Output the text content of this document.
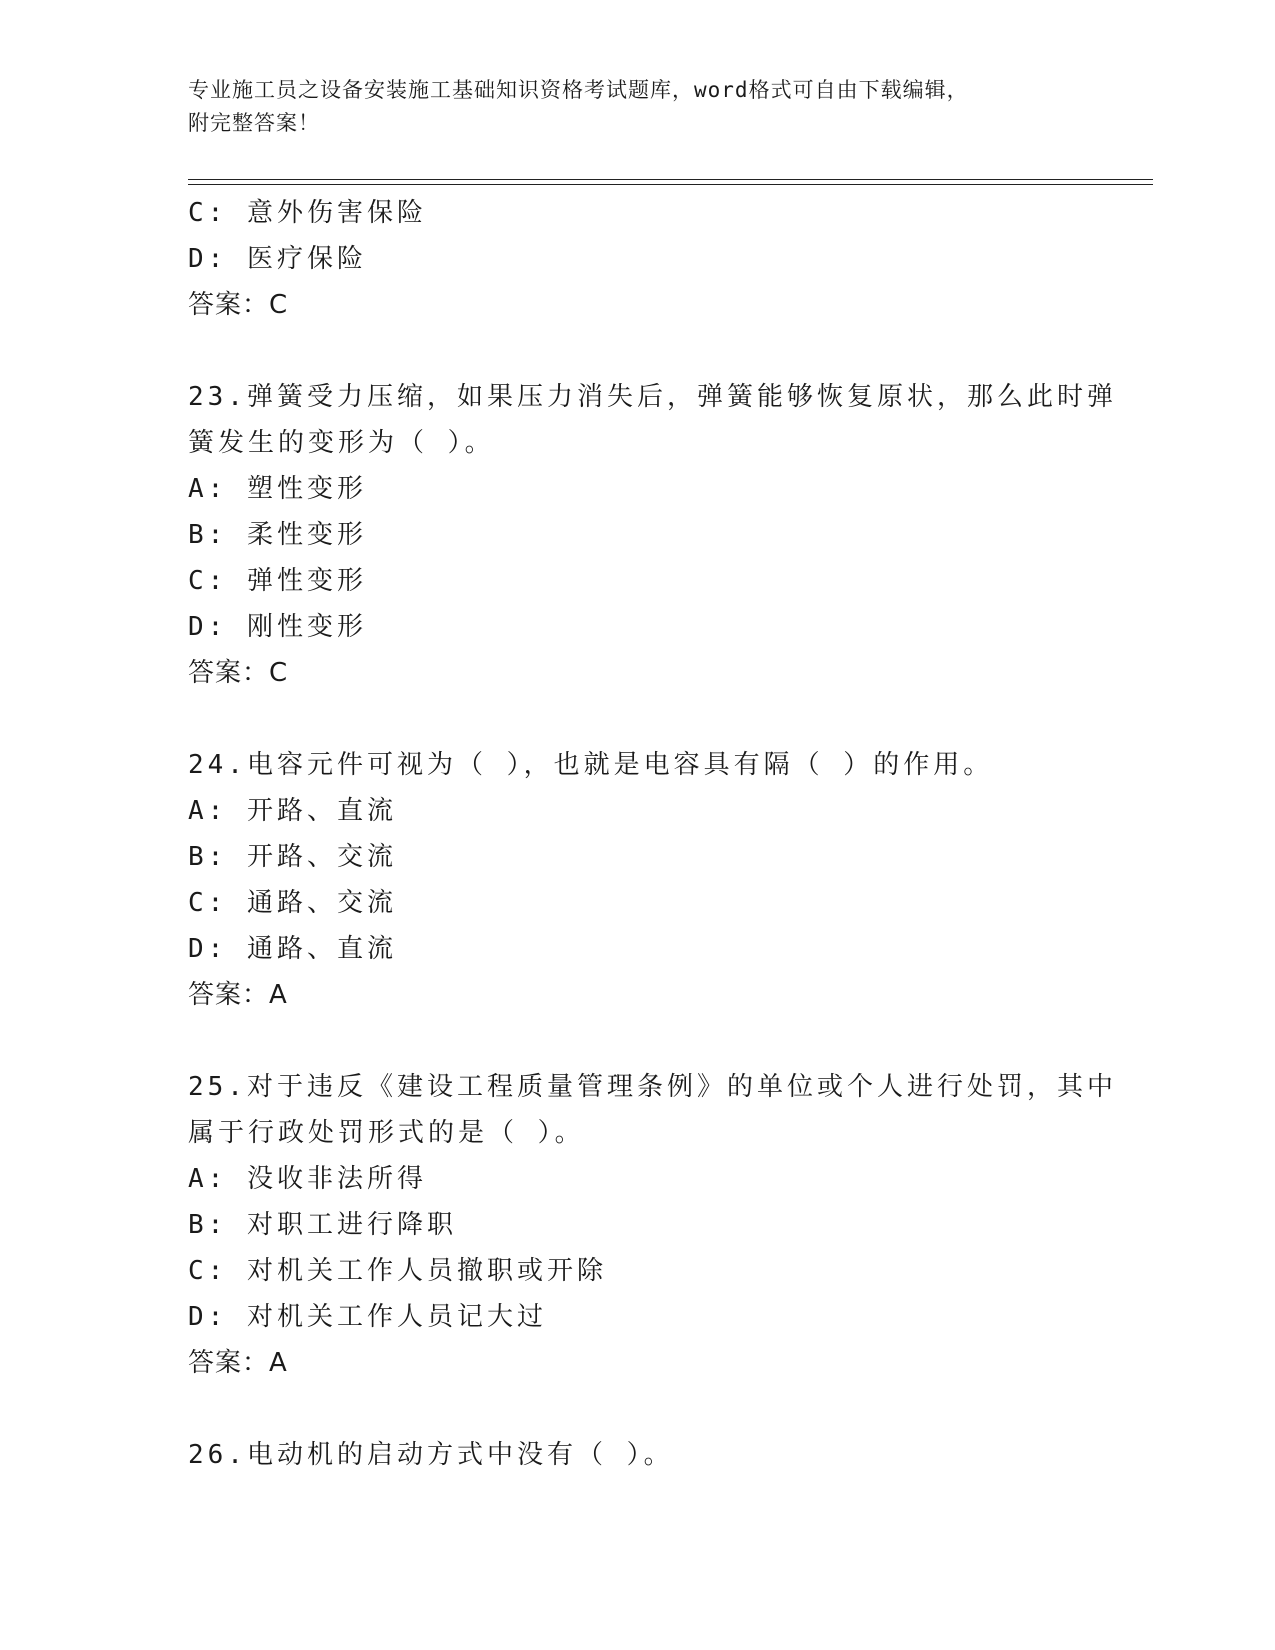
专业施工员之设备安装施工基础知识资格考试题库，word格式可自由下载编辑，
附完整答案！
C: 意外伤害保险
D: 医疗保险
答案：C
23.弹簧受力压缩，如果压力消失后，弹簧能够恢复原状，那么此时弹
簧发生的变形为（ ）。
A: 塑性变形
B: 柔性变形
C: 弹性变形
D: 刚性变形
答案：C
24.电容元件可视为（ ），也就是电容具有隔（ ）的作用。
A: 开路、直流
B: 开路、交流
C: 通路、交流
D: 通路、直流
答案：A
25.对于违反《建设工程质量管理条例》的单位或个人进行处罚，其中
属于行政处罚形式的是（ ）。
A: 没收非法所得
B: 对职工进行降职
C: 对机关工作人员撤职或开除
D: 对机关工作人员记大过
答案：A
26.电动机的启动方式中没有（ ）。
